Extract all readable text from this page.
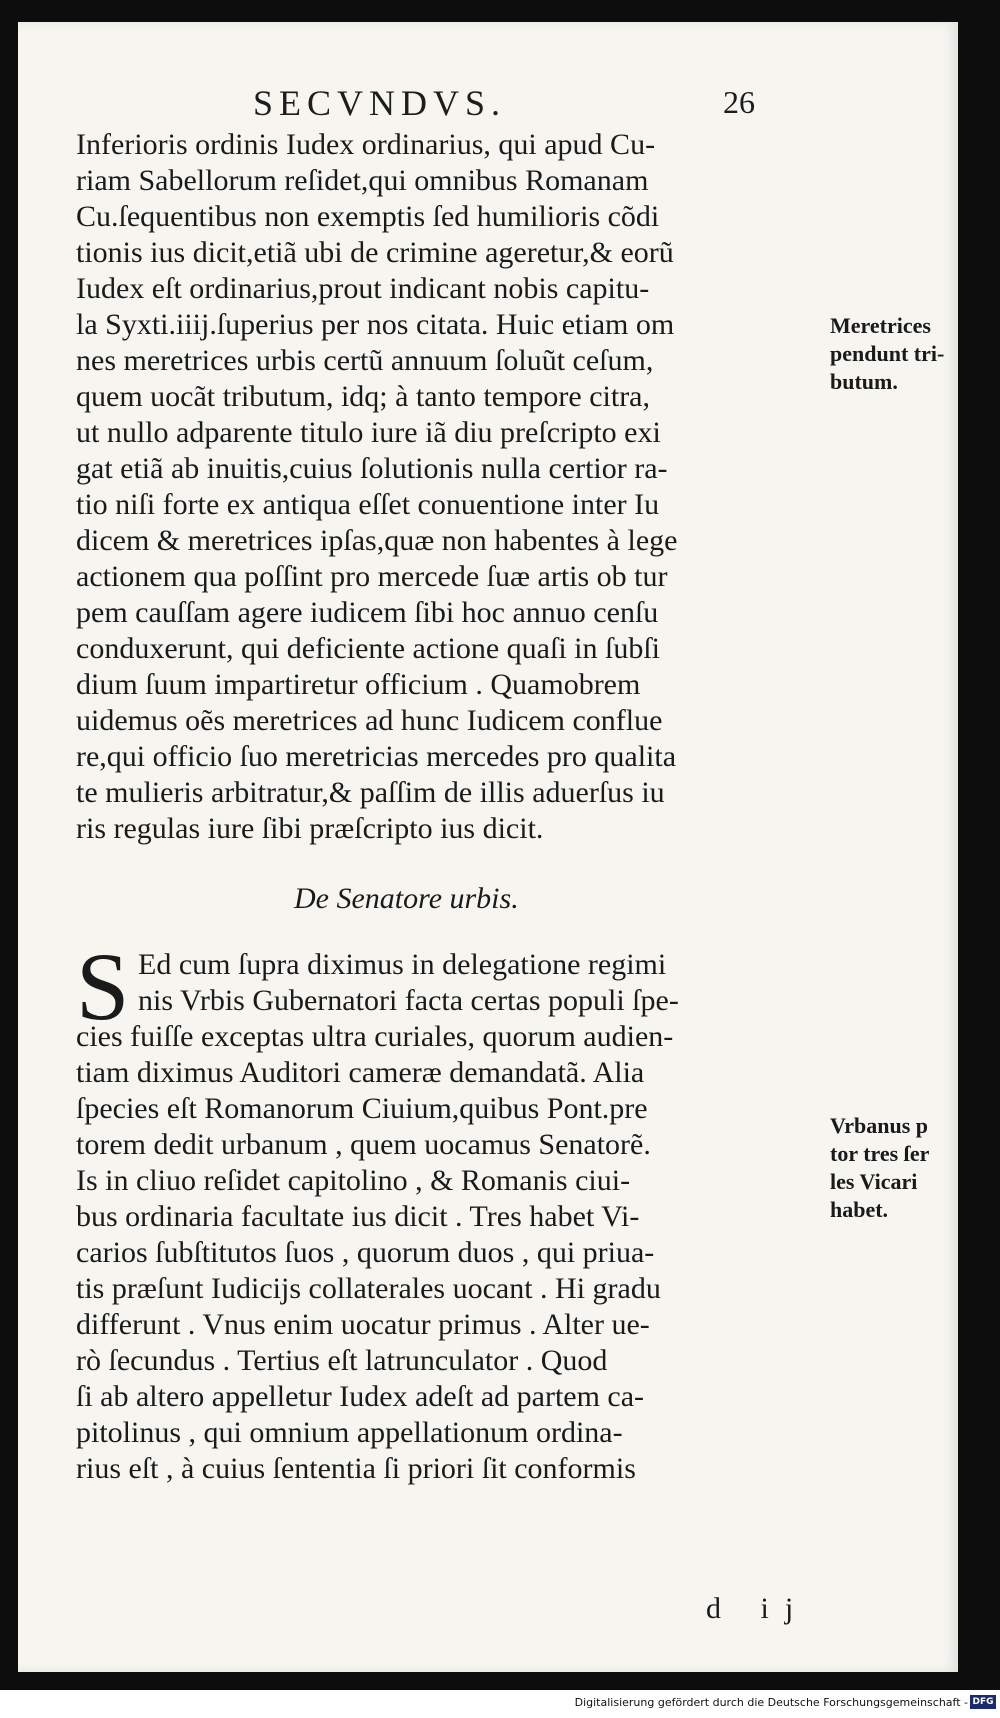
SECVNDVS.	26
Inferioris ordinis Iudex ordinarius, qui apud Cu-
riam Sabellorum reſidet,qui omnibus Romanam
Cu.ſequentibus non exemptis ſed humilioris cõdi
tionis ius dicit,etiã ubi de crimine ageretur,& eorũ
Iudex eſt ordinarius,prout indicant nobis capitu-
la Syxti.iiij.ſuperius per nos citata. Huic etiam om
nes meretrices urbis certũ annuum ſoluũt ceſum,
quem uocãt tributum, idq; à tanto tempore citra,
ut nullo adparente titulo iure iã diu preſcripto exi
gat etiã ab inuitis,cuius ſolutionis nulla certior ra-
tio niſi forte ex antiqua eſſet conuentione inter Iu
dicem & meretrices ipſas,quæ non habentes à lege
actionem qua poſſint pro mercede ſuæ artis ob tur
pem cauſſam agere iudicem ſibi hoc annuo cenſu
conduxerunt, qui deficiente actione quaſi in ſubſi
dium ſuum impartiretur officium . Quamobrem
uidemus oẽs meretrices ad hunc Iudicem conflue
re,qui officio ſuo meretricias mercedes pro qualita
te mulieris arbitratur,& paſſim de illis aduerſus iu
ris regulas iure ſibi præſcripto ius dicit.
De Senatore urbis.
S Ed cum ſupra diximus in delegatione regimi
nis Vrbis Gubernatori facta certas populi ſpe-
cies fuiſſe exceptas ultra curiales, quorum audien-
tiam diximus Auditori cameræ demandatã. Alia
ſpecies eſt Romanorum Ciuium,quibus Pont.pre
torem dedit urbanum , quem uocamus Senatorẽ.
Is in cliuo reſidet capitolino , & Romanis ciui-
bus ordinaria facultate ius dicit . Tres habet Vi-
carios ſubſtitutos ſuos , quorum duos , qui priua-
tis præſunt Iudicijs collaterales uocant . Hi gradu
differunt . Vnus enim uocatur primus . Alter ue-
rò ſecundus . Tertius eſt latrunculator . Quod
ſi ab altero appelletur Iudex adeſt ad partem ca-
pitolinus , qui omnium appellationum ordina-
rius eſt , à cuius ſententia ſi priori ſit conformis
d ij
Meretrices
pendunt tri-
butum.
Vrbanus p
tor tres ſer
les Vicari
habet.
Digitalisierung gefördert durch die Deutsche Forschungsgemeinschaft - DFG
